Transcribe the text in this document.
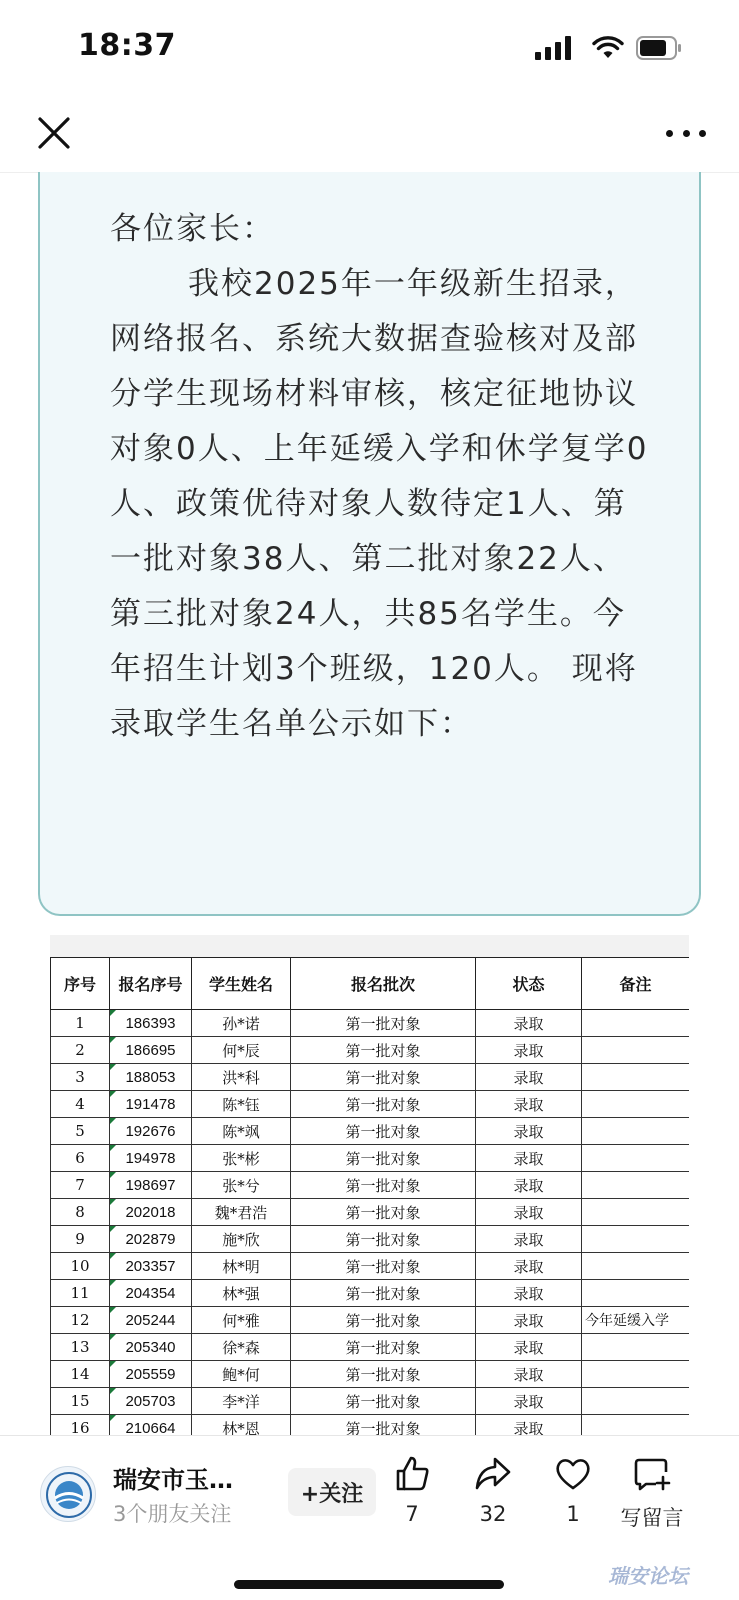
18:37

各位家长：

我校2025年一年级新生招录，网络报名、系统大数据查验核对及部分学生现场材料审核，核定征地协议对象0人、上年延缓入学和休学复学0人、政策优待对象人数待定1人、第一批对象38人、第二批对象22人、第三批对象24人，共85名学生。今年招生计划3个班级，120人。 现将录取学生名单公示如下：

序号	报名序号	学生姓名	报名批次	状态	备注
1	186393	孙*诺	第一批对象	录取	
2	186695	何*辰	第一批对象	录取	
3	188053	洪*科	第一批对象	录取	
4	191478	陈*钰	第一批对象	录取	
5	192676	陈*飒	第一批对象	录取	
6	194978	张*彬	第一批对象	录取	
7	198697	张*兮	第一批对象	录取	
8	202018	魏*君浩	第一批对象	录取	
9	202879	施*欣	第一批对象	录取	
10	203357	林*明	第一批对象	录取	
11	204354	林*强	第一批对象	录取	
12	205244	何*雅	第一批对象	录取	今年延缓入学
13	205340	徐*森	第一批对象	录取	
14	205559	鲍*何	第一批对象	录取	
15	205703	李*洋	第一批对象	录取	
16	210664	林*恩	第一批对象	录取	
瑞安市玉…
3个朋友关注
+关注
7	32	1	写留言
瑞安论坛
